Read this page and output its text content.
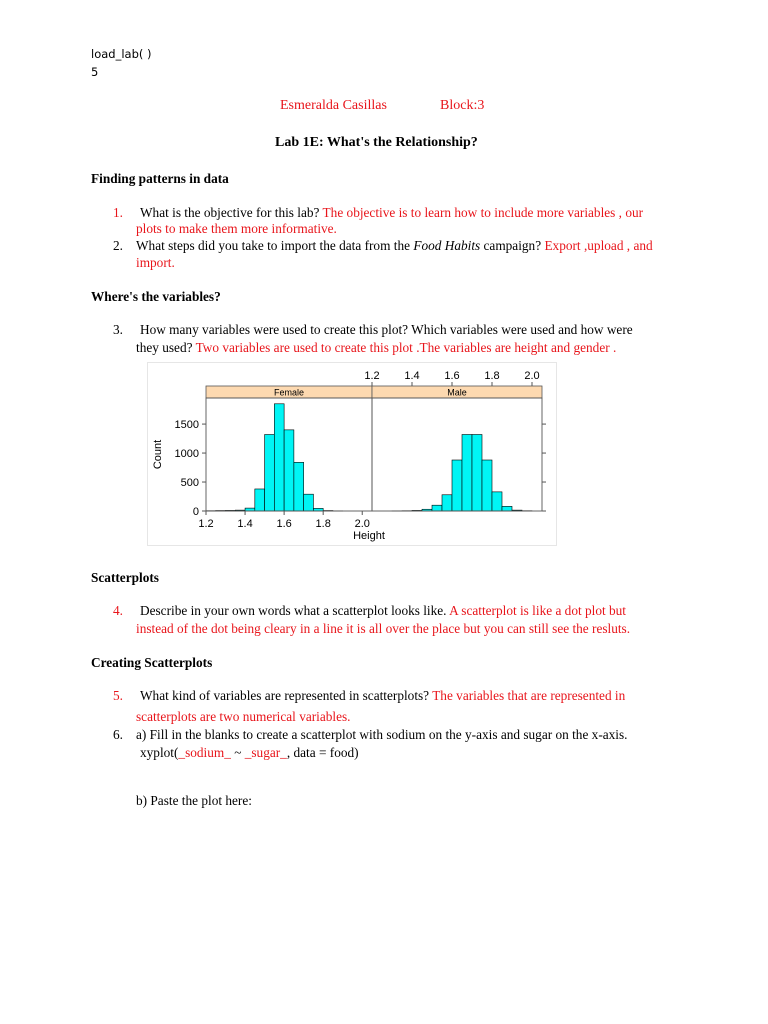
load_lab( )
5
Esmeralda Casillas	Block:3
Lab 1E: What's the Relationship?
Finding patterns in data
1. What is the objective for this lab? The objective is to learn how to include more variables , our
plots to make them more informative.
2. What steps did you take to import the data from the Food Habits campaign? Export ,upload , and
import.
Where's the variables?
3. How many variables were used to create this plot? Which variables were used and how were
they used? Two variables are used to create this plot .The variables are height and gender .
Female
1.2 1.4 1.6 1.8 2.0
Male
1.2 1.4 1.6 1.8 2.0
0
500
1000
1500
Height
Count
Scatterplots
4. Describe in your own words what a scatterplot looks like. A scatterplot is like a dot plot but
instead of the dot being cleary in a line it is all over the place but you can still see the resluts.
Creating Scatterplots
5. What kind of variables are represented in scatterplots? The variables that are represented in
scatterplots are two numerical variables.
6. a) Fill in the blanks to create a scatterplot with sodium on the y-axis and sugar on the x-axis.
xyplot(_sodium_ ~ _sugar_, data = food)
b) Paste the plot here:
